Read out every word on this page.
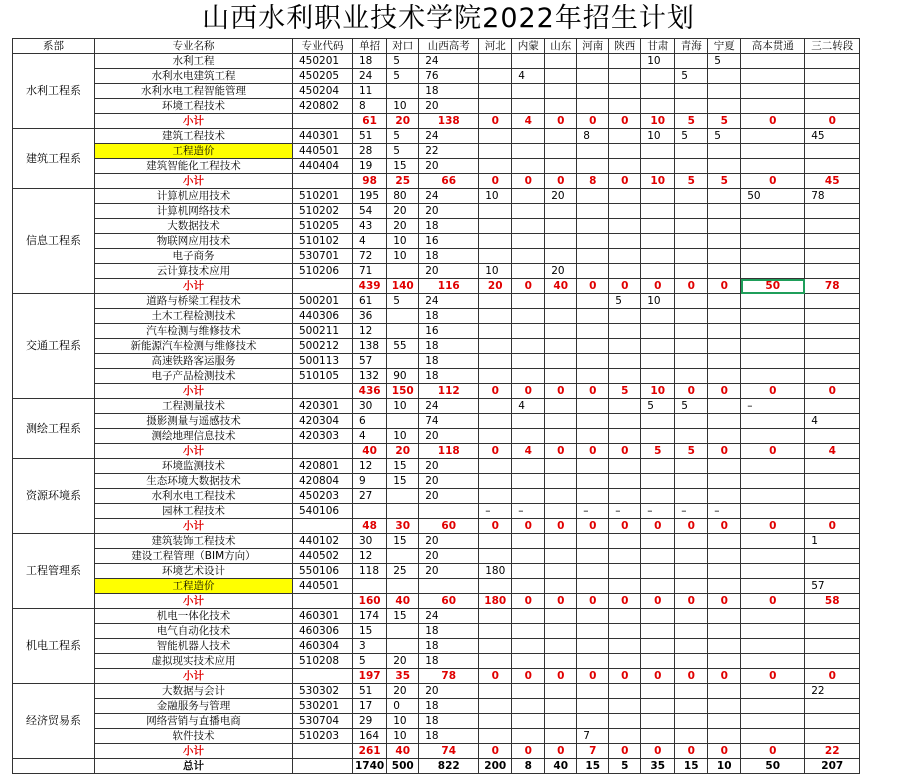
山西水利职业技术学院2022年招生计划
系部	专业名称	专业代码	单招	对口	山西高考	河北	内蒙	山东	河南	陕西	甘肃	青海	宁夏	高本贯通	三二转段
水利工程系	水利工程	450201	18	5	24						10		5		
	水利水电建筑工程	450205	24	5	76		4					5			
	水利水电工程智能管理	450204	11		18										
	环境工程技术	420802	8	10	20										
	小计		61	20	138	0	4	0	0	0	10	5	5	0	0
建筑工程系	建筑工程技术	440301	51	5	24				8		10	5	5		45
	工程造价	440501	28	5	22										
	建筑智能化工程技术	440404	19	15	20										
	小计		98	25	66	0	0	0	8	0	10	5	5	0	45
信息工程系	计算机应用技术	510201	195	80	24	10		20						50	78
	计算机网络技术	510202	54	20	20										
	大数据技术	510205	43	20	18										
	物联网应用技术	510102	4	10	16										
	电子商务	530701	72	10	18										
	云计算技术应用	510206	71		20	10		20							
	小计		439	140	116	20	0	40	0	0	0	0	0	50	78
交通工程系	道路与桥梁工程技术	500201	61	5	24					5	10				
	土木工程检测技术	440306	36		18										
	汽车检测与维修技术	500211	12		16										
	新能源汽车检测与维修技术	500212	138	55	18										
	高速铁路客运服务	500113	57		18										
	电子产品检测技术	510105	132	90	18										
	小计		436	150	112	0	0	0	0	5	10	0	0	0	0
测绘工程系	工程测量技术	420301	30	10	24		4				5	5		–	
	摄影测量与遥感技术	420304	6		74										4
	测绘地理信息技术	420303	4	10	20										
	小计		40	20	118	0	4	0	0	0	5	5	0	0	4
资源环境系	环境监测技术	420801	12	15	20										
	生态环境大数据技术	420804	9	15	20										
	水利水电工程技术	450203	27		20										
	园林工程技术	540106				–	–		–	–	–	–	–		
	小计		48	30	60	0	0	0	0	0	0	0	0	0	0
工程管理系	建筑装饰工程技术	440102	30	15	20										1
	建设工程管理（BIM方向）	440502	12		20										
	环境艺术设计	550106	118	25	20	180									
	工程造价	440501													57
	小计		160	40	60	180	0	0	0	0	0	0	0	0	58
机电工程系	机电一体化技术	460301	174	15	24										
	电气自动化技术	460306	15		18										
	智能机器人技术	460304	3		18										
	虚拟现实技术应用	510208	5	20	18										
	小计		197	35	78	0	0	0	0	0	0	0	0	0	0
经济贸易系	大数据与会计	530302	51	20	20										22
	金融服务与管理	530201	17	0	18										
	网络营销与直播电商	530704	29	10	18										
	软件技术	510203	164	10	18				7						
	小计		261	40	74	0	0	0	7	0	0	0	0	0	22
	总计		1740	500	822	200	8	40	15	5	35	15	10	50	207
